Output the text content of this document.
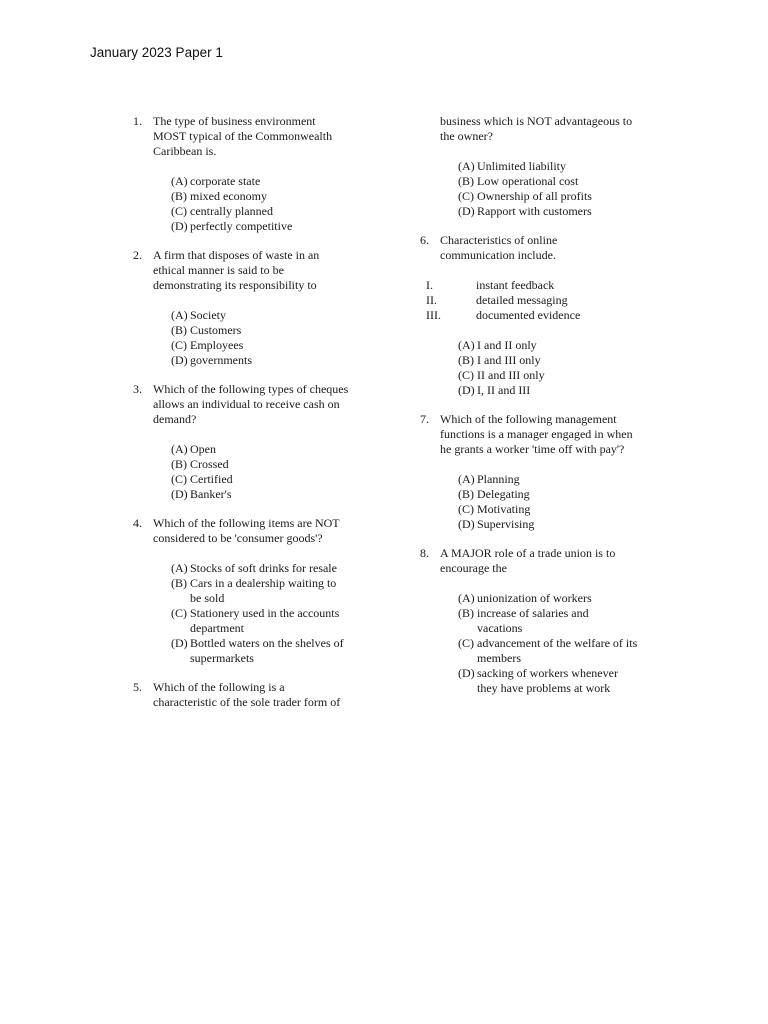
January 2023 Paper 1
1. The type of business environment
MOST typical of the Commonwealth
Caribbean is.
(A) corporate state
(B) mixed economy
(C) centrally planned
(D) perfectly competitive
2. A firm that disposes of waste in an
ethical manner is said to be
demonstrating its responsibility to
(A) Society
(B) Customers
(C) Employees
(D) governments
3. Which of the following types of cheques
allows an individual to receive cash on
demand?
(A) Open
(B) Crossed
(C) Certified
(D) Banker's
4. Which of the following items are NOT
considered to be 'consumer goods'?
(A) Stocks of soft drinks for resale
(B) Cars in a dealership waiting to
be sold
(C) Stationery used in the accounts
department
(D) Bottled waters on the shelves of
supermarkets
5. Which of the following is a
characteristic of the sole trader form of
business which is NOT advantageous to
the owner?
(A) Unlimited liability
(B) Low operational cost
(C) Ownership of all profits
(D) Rapport with customers
6. Characteristics of online
communication include.
I.	instant feedback
II.	detailed messaging
III.	documented evidence
(A) I and II only
(B) I and III only
(C) II and III only
(D) I, II and III
7. Which of the following management
functions is a manager engaged in when
he grants a worker 'time off with pay'?
(A) Planning
(B) Delegating
(C) Motivating
(D) Supervising
8. A MAJOR role of a trade union is to
encourage the
(A) unionization of workers
(B) increase of salaries and
vacations
(C) advancement of the welfare of its
members
(D) sacking of workers whenever
they have problems at work
